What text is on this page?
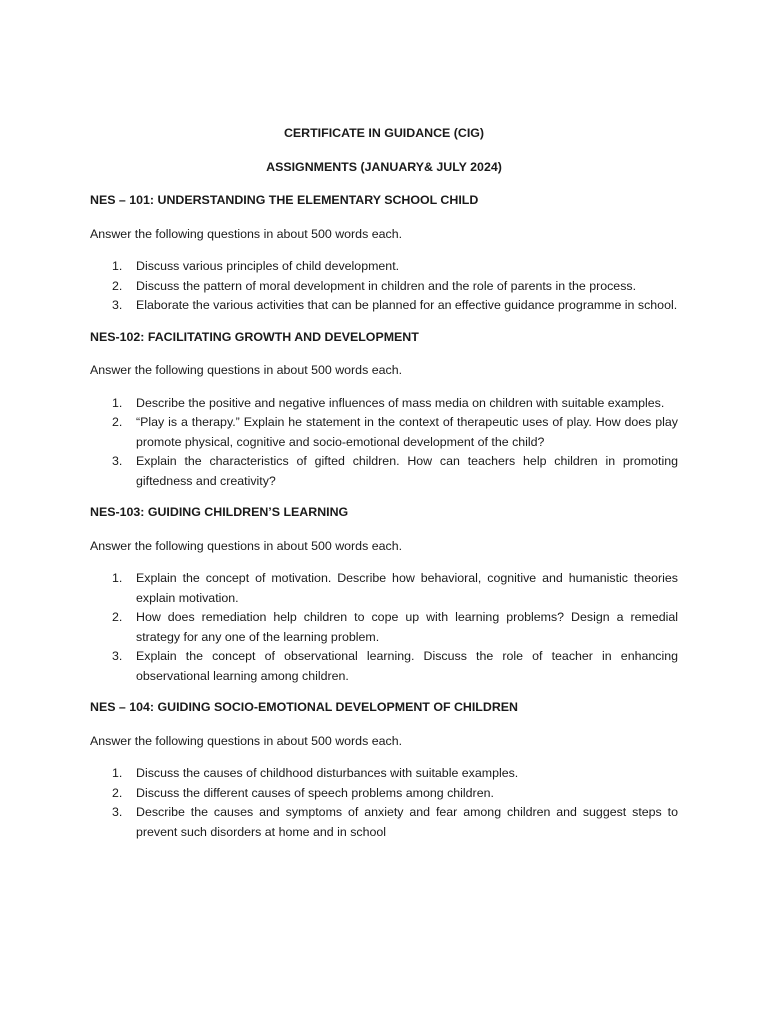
CERTIFICATE IN GUIDANCE (CIG)
ASSIGNMENTS (JANUARY& JULY 2024)
NES – 101: UNDERSTANDING THE ELEMENTARY SCHOOL CHILD
Answer the following questions in about 500 words each.
1. Discuss various principles of child development.
2. Discuss the pattern of moral development in children and the role of parents in the process.
3. Elaborate the various activities that can be planned for an effective guidance programme in school.
NES-102: FACILITATING GROWTH AND DEVELOPMENT
Answer the following questions in about 500 words each.
1. Describe the positive and negative influences of mass media on children with suitable examples.
2. “Play is a therapy.” Explain he statement in the context of therapeutic uses of play. How does play promote physical, cognitive and socio-emotional development of the child?
3. Explain the characteristics of gifted children. How can teachers help children in promoting giftedness and creativity?
NES-103: GUIDING CHILDREN’S LEARNING
Answer the following questions in about 500 words each.
1. Explain the concept of motivation. Describe how behavioral, cognitive and humanistic theories explain motivation.
2. How does remediation help children to cope up with learning problems? Design a remedial strategy for any one of the learning problem.
3. Explain the concept of observational learning. Discuss the role of teacher in enhancing observational learning among children.
NES – 104: GUIDING SOCIO-EMOTIONAL DEVELOPMENT OF CHILDREN
Answer the following questions in about 500 words each.
1. Discuss the causes of childhood disturbances with suitable examples.
2. Discuss the different causes of speech problems among children.
3. Describe the causes and symptoms of anxiety and fear among children and suggest steps to prevent such disorders at home and in school
